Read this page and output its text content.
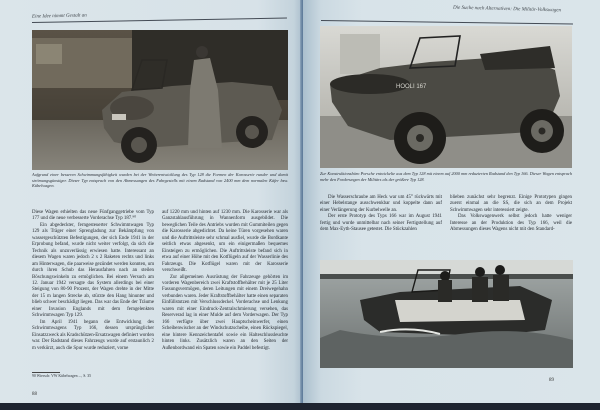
Eine Idee nimmt Gestalt an
Aufgrund einer besseren Schwimmungsfähigkeit wurden bei der Weiterentwicklung des Typ 128 die Formen der Karosserie runder und damit strömungsgünstiger. Dieser Typ entsprach von den Abmessungen des Fahrgestells mit einem Radstand von 2400 mm dem normalen Käfer bzw. Kübelwagen.

Diese Wagen erhielten das neue Fünfganggetriebe vom Typ 177 und die neue verbesserte Vorderachse Typ 187.⁹⁰

Ein abgedeckter, ferngesteuerter Schwimmwagen Typ 129 als Träger einer Sprengladung zur Bekämpfung von wassergeschützten Befestigungen, der sich Ende 1941 in der Erprobung befand, wurde nicht weiter verfolgt, da sich die Technik als unzuverlässig erwiesen hatte. Interessant an diesem Wagen waren jedoch 2 x 2 Raketen rechts und links am Hinterwagen, die paarweise gezündet werden konnten, um durch ihren Schub das Herausfahren nach an steilen Böschungswinkeln zu ermöglichen. Bei einem Versuch am 12. Januar 1942 versagte das System allerdings bei einer Steigung von 80-90 Prozent, der Wagen drehte in der Mitte der 15 m langen Strecke ab, stürzte den Hang hinunter und blieb schwer beschädigt liegen. Das war das Ende der Träume einer Invasion Englands mit dem ferngelenkten Schwimmwagen Typ 129.

Im April 1941 begann die Entwicklung des Schwimmwagens Typ 166, dessen ursprünglicher Einsatzzweck als Kradschützen-Ersatzwagen definiert worden war. Der Radstand dieses Fahrzeugs wurde auf erstaunlich 2 m verkürzt, auch die Spur wurde reduziert, vorne

90 Wiersch: VW Kübelwagen ..., S. 35
88

auf 1220 mm und hinten auf 1230 mm. Die Karosserie war als Ganzstahlausführung in Wannenform ausgebildet. Die beweglichen Teile des Antriebs wurden mit Gummiteilen gegen die Karosserie abgedichtet. Da keine Türen vorgesehen waren und die Auftrittsleiste sehr schmal ausfiel, wurde die Bordkante seitlich etwas abgesenkt, um ein einigermaßen bequemes Einsteigen zu ermöglichen. Die Auftrittsleiste befand sich in etwa auf einer Höhe mit den Kotflügeln auf der Wasserlinie des Fahrzeugs. Die Kotflügel waren mit der Karosserie verschweißt.

Zur allgemeinen Ausrüstung der Fahrzeuge gehörten im vorderen Wagenbereich zwei Kraftstoffbehälter mit je 25 Liter Fassungsvermögen, deren Leitungen mit einem Dreiwegehahn verbunden waren. Jeder Kraftstoffbehälter hatte einen separaten Einfüllstutzen mit Verschlussdeckel. Vorderachse und Lenkung waren mit einer Eindruck-Zentralschmierung versehen, das Reserverad lag in einer Mulde auf dem Vorderwagen. Der Typ 166 verfügte über zwei Hauptscheinwerfer, einen Scheibenwischer an der Windschutzscheibe, einen Rückspiegel, eine hintere Kennzeichentafel sowie ein Halteschlussleuchte hinten links. Zusätzlich waren an den Seiten der Außenbordwand ein Spaten sowie ein Paddel befestigt.

Die Suche nach Alternativen: Die Militär-Volkswagen
HOOLI 167
Zur Konstruktionsbüro Porsche entwickelte aus dem Typ 128 mit einem auf 2000 mm reduzierten Radstand den Typ 166. Dieser Wagen entsprach mehr den Forderungen der Militärs als der größere Typ 128.

Die Wasserschraube am Heck war um 45° rückwärts mit einer Hebelstange ausschwenkbar und koppelte dann auf einer Verlängerung der Kurbelwelle an.

Der erste Prototyp des Typs 166 war im August 1941 fertig und wurde unmittelbar nach seiner Fertigstellung auf dem Max-Eyth-Stausee getestet. Die Stückzahlen

blieben zunächst sehr begrenzt. Einige Prototypen gingen zuerst einmal an die SS, die sich an dem Projekt Schwimmwagen sehr interessiert zeigte.

Das Volkswagenwerk selbst jedoch hatte weniger Interesse an der Produktion des Typ 166, weil die Abmessungen dieses Wagens nicht mit den Standard-

89
